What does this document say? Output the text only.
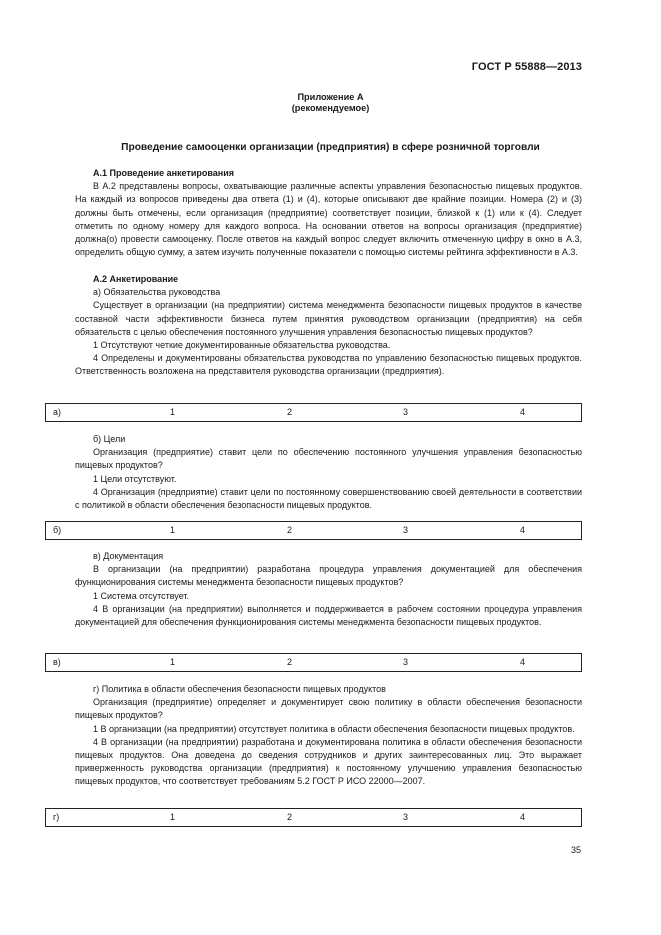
ГОСТ Р 55888—2013
Приложение А
(рекомендуемое)
Проведение самооценки организации (предприятия) в сфере розничной торговли
А.1 Проведение анкетирования

В А.2 представлены вопросы, охватывающие различные аспекты управления безопасностью пищевых продуктов. На каждый из вопросов приведены два ответа (1) и (4), которые описывают две крайние позиции. Номера (2) и (3) должны быть отмечены, если организация (предприятие) соответствует позиции, близкой к (1) или к (4). Следует отметить по одному номеру для каждого вопроса. На основании ответов на вопросы организация (предприятие) должна(о) провести самооценку. После ответов на каждый вопрос следует включить отмеченную цифру в окно в А.3, определить общую сумму, а затем изучить полученные показатели с помощью системы рейтинга эффективности в А.3.

А.2 Анкетирование

а) Обязательства руководства

Существует в организации (на предприятии) система менеджмента безопасности пищевых продуктов в качестве составной части эффективности бизнеса путем принятия руководством организации (предприятия) на себя обязательств с целью обеспечения постоянного улучшения управления безопасностью пищевых продуктов?

1 Отсутствуют четкие документированные обязательства руководства.

4 Определены и документированы обязательства руководства по управлению безопасностью пищевых продуктов. Ответственность возложена на представителя руководства организации (предприятия).

а)	1	2	3	4

б) Цели

Организация (предприятие) ставит цели по обеспечению постоянного улучшения управления безопасностью пищевых продуктов?

1 Цели отсутствуют.

4 Организация (предприятие) ставит цели по постоянному совершенствованию своей деятельности в соответствии с политикой в области обеспечения безопасности пищевых продуктов.

б)	1	2	3	4

в) Документация

В организации (на предприятии) разработана процедура управления документацией для обеспечения функционирования системы менеджмента безопасности пищевых продуктов?

1 Система отсутствует.

4 В организации (на предприятии) выполняется и поддерживается в рабочем состоянии процедура управления документацией для обеспечения функционирования системы менеджмента безопасности пищевых продуктов.

в)	1	2	3	4

г) Политика в области обеспечения безопасности пищевых продуктов

Организация (предприятие) определяет и документирует свою политику в области обеспечения безопасности пищевых продуктов?

1 В организации (на предприятии) отсутствует политика в области обеспечения безопасности пищевых продуктов.

4 В организации (на предприятии) разработана и документирована политика в области обеспечения безопасности пищевых продуктов. Она доведена до сведения сотрудников и других заинтересованных лиц. Это выражает приверженность руководства организации (предприятия) к постоянному улучшению управления безопасностью пищевых продуктов, что соответствует требованиям 5.2 ГОСТ Р ИСО 22000—2007.

г)	1	2	3	4
35
